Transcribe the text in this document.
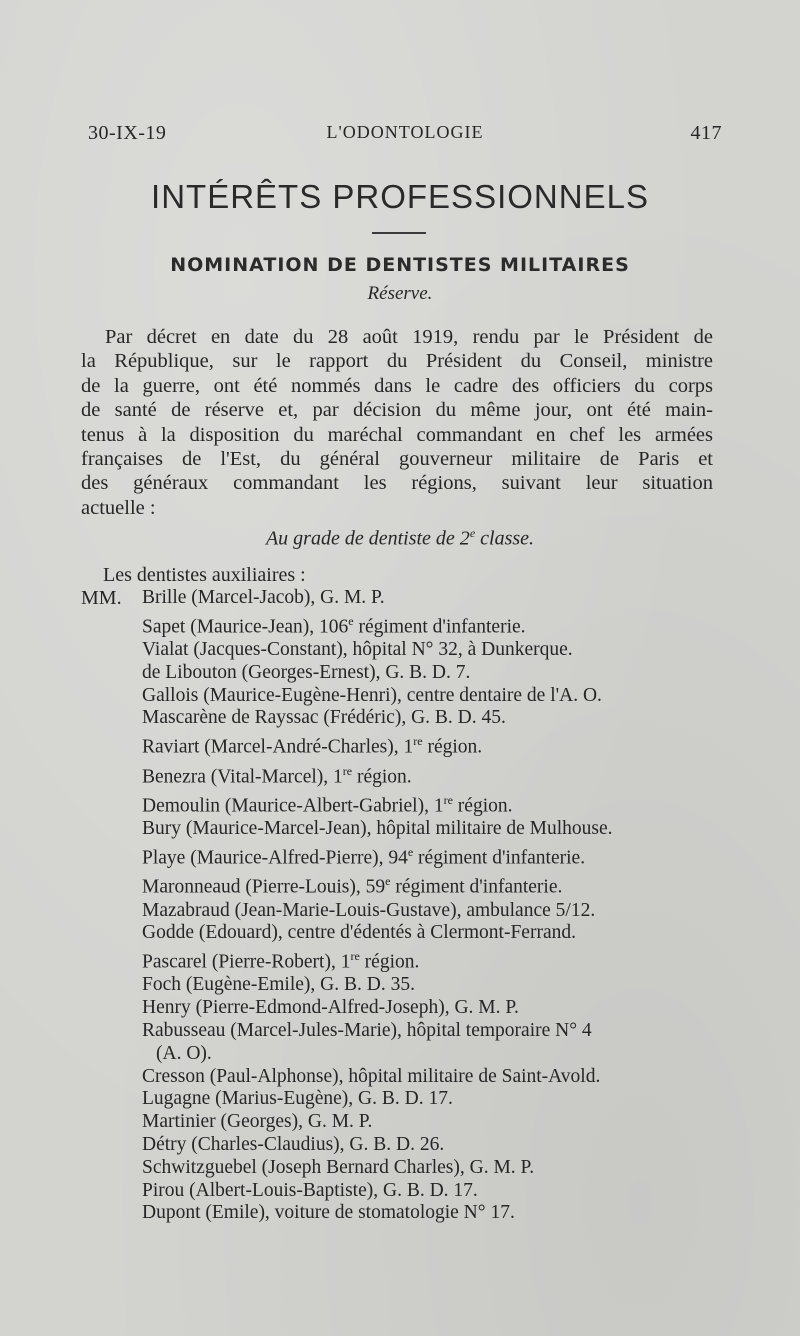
30-IX-19	L'ODONTOLOGIE	417
INTÉRÊTS PROFESSIONNELS
NOMINATION DE DENTISTES MILITAIRES
Réserve.
Par décret en date du 28 août 1919, rendu par le Président de
la République, sur le rapport du Président du Conseil, ministre
de la guerre, ont été nommés dans le cadre des officiers du corps
de santé de réserve et, par décision du même jour, ont été main-
tenus à la disposition du maréchal commandant en chef les armées
françaises de l'Est, du général gouverneur militaire de Paris et
des généraux commandant les régions, suivant leur situation
actuelle :
Au grade de dentiste de 2e classe.
Les dentistes auxiliaires :
MM. Brille (Marcel-Jacob), G. M. P.
Sapet (Maurice-Jean), 106e régiment d'infanterie.
Vialat (Jacques-Constant), hôpital N° 32, à Dunkerque.
de Libouton (Georges-Ernest), G. B. D. 7.
Gallois (Maurice-Eugène-Henri), centre dentaire de l'A. O.
Mascarène de Rayssac (Frédéric), G. B. D. 45.
Raviart (Marcel-André-Charles), 1re région.
Benezra (Vital-Marcel), 1re région.
Demoulin (Maurice-Albert-Gabriel), 1re région.
Bury (Maurice-Marcel-Jean), hôpital militaire de Mulhouse.
Playe (Maurice-Alfred-Pierre), 94e régiment d'infanterie.
Maronneaud (Pierre-Louis), 59e régiment d'infanterie.
Mazabraud (Jean-Marie-Louis-Gustave), ambulance 5/12.
Godde (Edouard), centre d'édentés à Clermont-Ferrand.
Pascarel (Pierre-Robert), 1re région.
Foch (Eugène-Emile), G. B. D. 35.
Henry (Pierre-Edmond-Alfred-Joseph), G. M. P.
Rabusseau (Marcel-Jules-Marie), hôpital temporaire N° 4
(A. O).
Cresson (Paul-Alphonse), hôpital militaire de Saint-Avold.
Lugagne (Marius-Eugène), G. B. D. 17.
Martinier (Georges), G. M. P.
Détry (Charles-Claudius), G. B. D. 26.
Schwitzguebel (Joseph Bernard Charles), G. M. P.
Pirou (Albert-Louis-Baptiste), G. B. D. 17.
Dupont (Emile), voiture de stomatologie N° 17.
